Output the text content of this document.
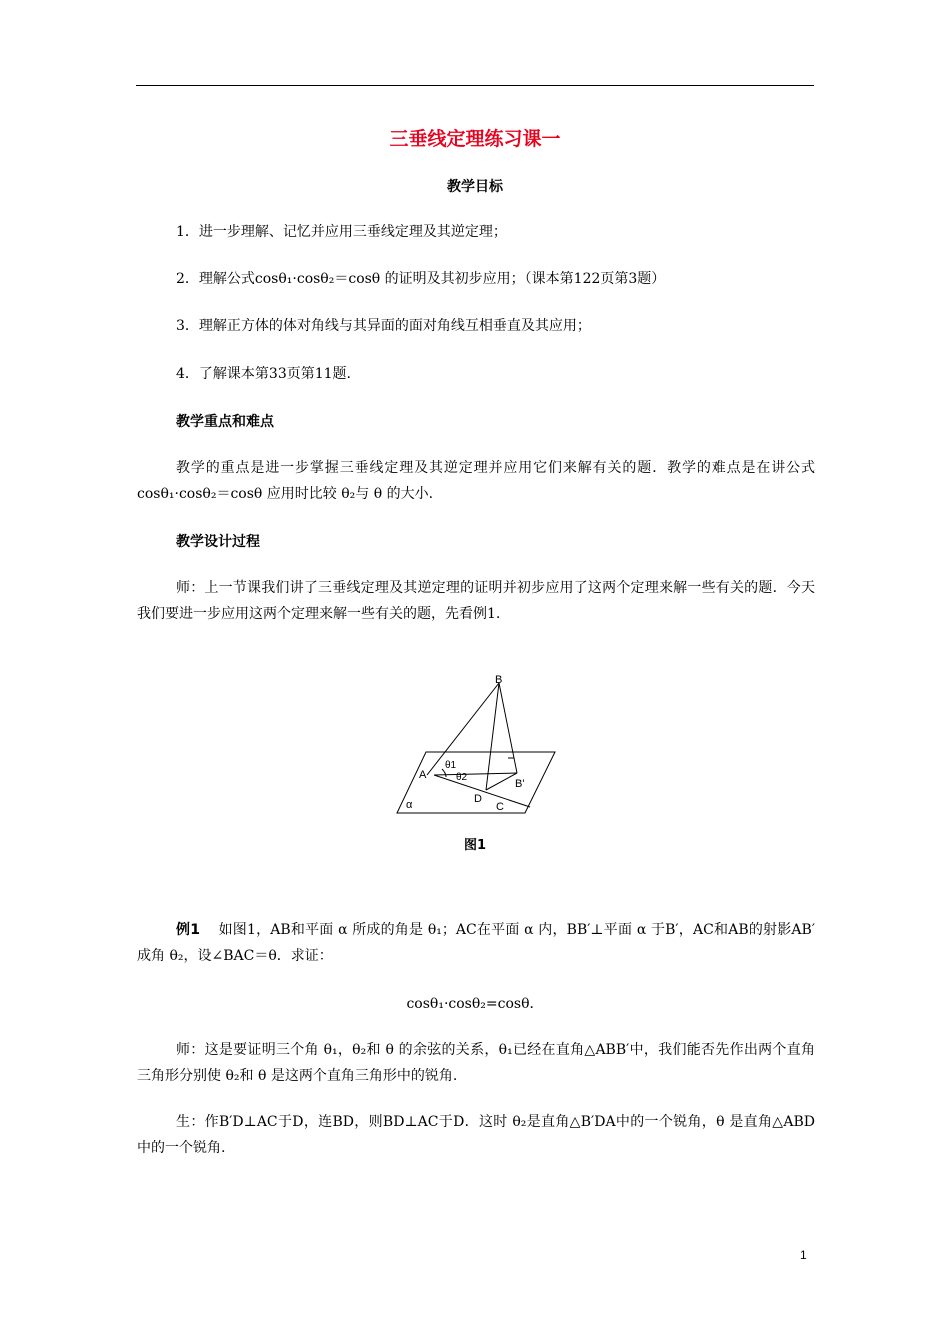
三垂线定理练习课一
教学目标
1．进一步理解、记忆并应用三垂线定理及其逆定理；
2．理解公式cosθ₁·cosθ₂＝cosθ 的证明及其初步应用；（课本第122页第3题）
3．理解正方体的体对角线与其异面的面对角线互相垂直及其应用；
4．了解课本第33页第11题.
教学重点和难点
教学的重点是进一步掌握三垂线定理及其逆定理并应用它们来解有关的题．教学的难点是在讲公式cosθ₁·cosθ₂＝cosθ 应用时比较 θ₂与 θ 的大小.
教学设计过程
师：上一节课我们讲了三垂线定理及其逆定理的证明并初步应用了这两个定理来解一些有关的题．今天我们要进一步应用这两个定理来解一些有关的题，先看例1.
B
A
θ1
θ2
B'
D
C
α
图1
例1 如图1，AB和平面 α 所成的角是 θ₁；AC在平面 α 内，BB′⊥平面 α 于B′，AC和AB的射影AB′成角 θ₂，设∠BAC＝θ．求证：
cosθ₁·cosθ₂=cosθ．
师：这是要证明三个角 θ₁，θ₂和 θ 的余弦的关系，θ₁已经在直角△ABB′中，我们能否先作出两个直角三角形分别使 θ₂和 θ 是这两个直角三角形中的锐角.
生：作B′D⊥AC于D，连BD，则BD⊥AC于D．这时 θ₂是直角△B′DA中的一个锐角，θ 是直角△ABD中的一个锐角.
1
